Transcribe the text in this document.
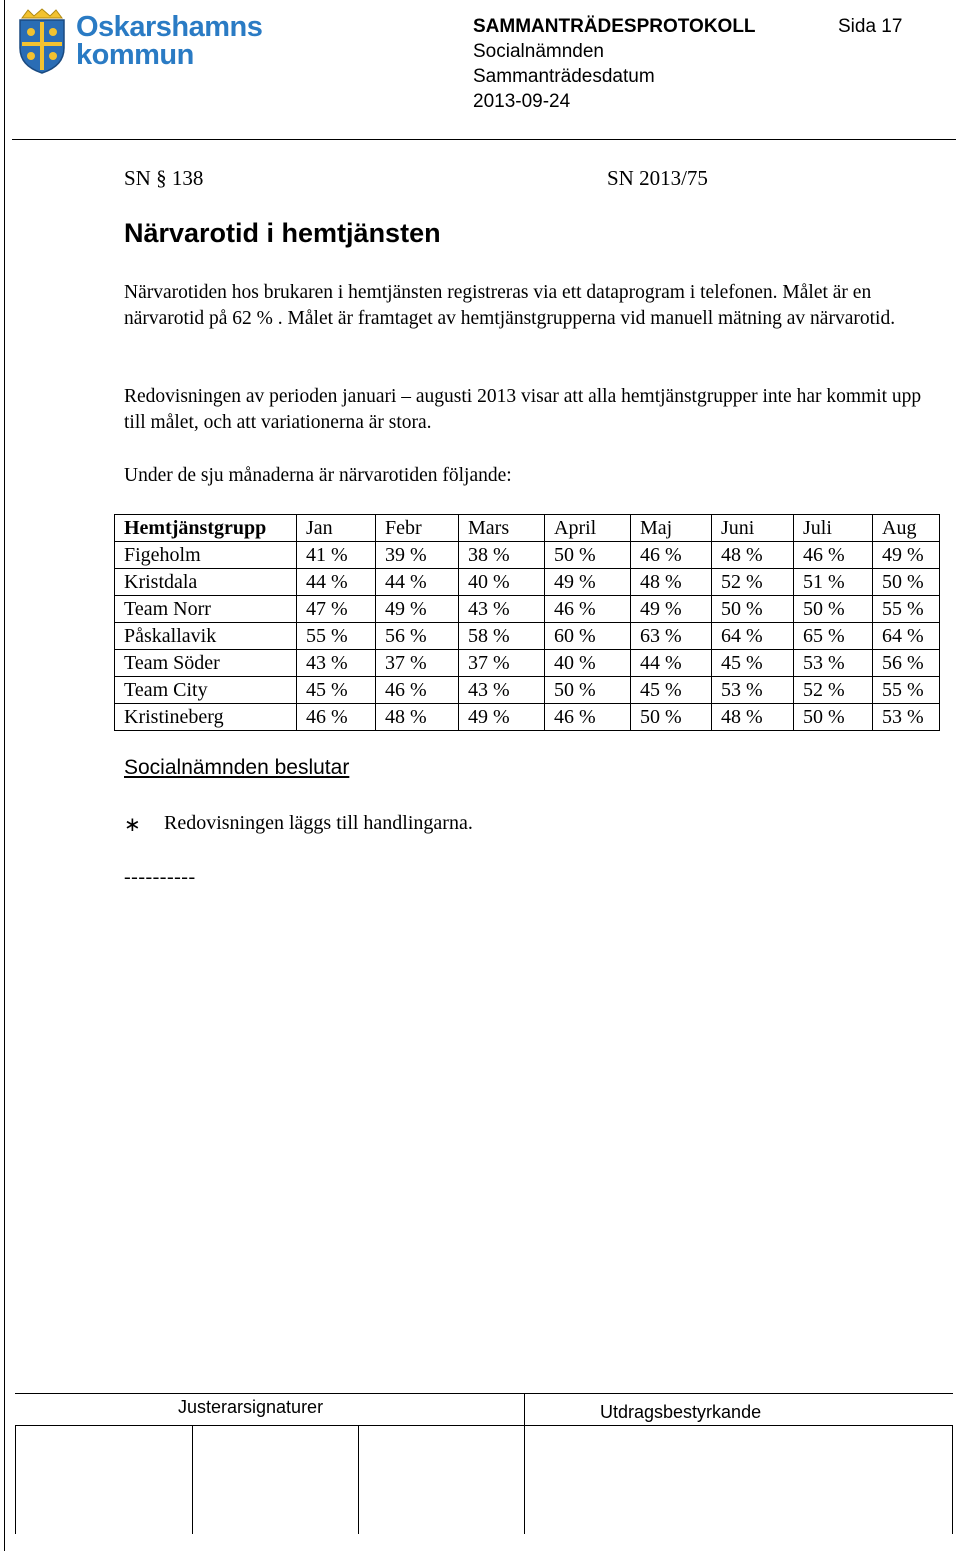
Oskarshamns
kommun
SAMMANTRÄDESPROTOKOLL
Socialnämnden
Sammanträdesdatum
2013-09-24
Sida 17
SN § 138	SN 2013/75
Närvarotid i hemtjänsten
Närvarotiden hos brukaren i hemtjänsten registreras via ett dataprogram i telefonen. Målet är en närvarotid på 62 % . Målet är framtaget av hemtjänstgrupperna vid manuell mätning av närvarotid.
Redovisningen av perioden januari – augusti 2013 visar att alla hemtjänstgrupper inte har kommit upp till målet, och att variationerna är stora.
Under de sju månaderna är närvarotiden följande:
Hemtjänstgrupp	Jan	Febr	Mars	April	Maj	Juni	Juli	Aug
Figeholm	41 %	39 %	38 %	50 %	46 %	48 %	46 %	49 %
Kristdala	44 %	44 %	40 %	49 %	48 %	52 %	51 %	50 %
Team Norr	47 %	49 %	43 %	46 %	49 %	50 %	50 %	55 %
Påskallavik	55 %	56 %	58 %	60 %	63 %	64 %	65 %	64 %
Team Söder	43 %	37 %	37 %	40 %	44 %	45 %	53 %	56 %
Team City	45 %	46 %	43 %	50 %	45 %	53 %	52 %	55 %
Kristineberg	46 %	48 %	49 %	46 %	50 %	48 %	50 %	53 %
Socialnämnden beslutar
∗	Redovisningen läggs till handlingarna.
----------
Justerarsignaturer	Utdragsbestyrkande
